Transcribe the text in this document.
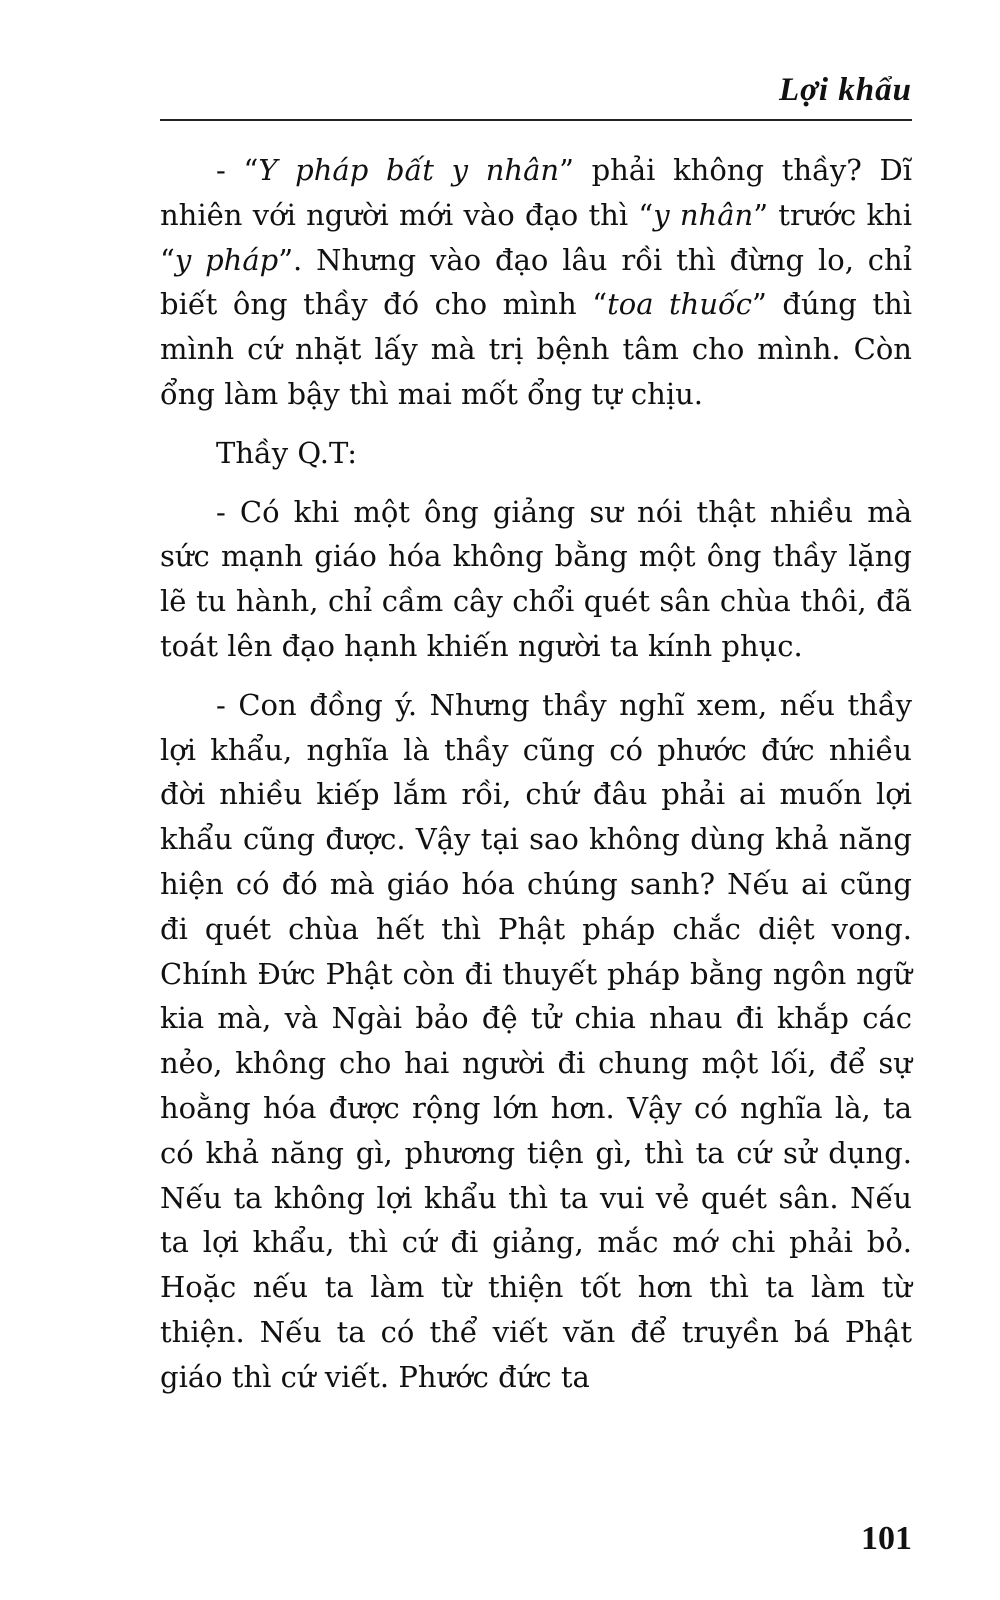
Lợi khẩu

- “Y pháp bất y nhân” phải không thầy? Dĩ nhiên với người mới vào đạo thì “y nhân” trước khi “y pháp”. Nhưng vào đạo lâu rồi thì đừng lo, chỉ biết ông thầy đó cho mình “toa thuốc” đúng thì mình cứ nhặt lấy mà trị bệnh tâm cho mình. Còn ổng làm bậy thì mai mốt ổng tự chịu.

Thầy Q.T:

- Có khi một ông giảng sư nói thật nhiều mà sức mạnh giáo hóa không bằng một ông thầy lặng lẽ tu hành, chỉ cầm cây chổi quét sân chùa thôi, đã toát lên đạo hạnh khiến người ta kính phục.

- Con đồng ý. Nhưng thầy nghĩ xem, nếu thầy lợi khẩu, nghĩa là thầy cũng có phước đức nhiều đời nhiều kiếp lắm rồi, chứ đâu phải ai muốn lợi khẩu cũng được. Vậy tại sao không dùng khả năng hiện có đó mà giáo hóa chúng sanh? Nếu ai cũng đi quét chùa hết thì Phật pháp chắc diệt vong. Chính Đức Phật còn đi thuyết pháp bằng ngôn ngữ kia mà, và Ngài bảo đệ tử chia nhau đi khắp các nẻo, không cho hai người đi chung một lối, để sự hoằng hóa được rộng lớn hơn. Vậy có nghĩa là, ta có khả năng gì, phương tiện gì, thì ta cứ sử dụng. Nếu ta không lợi khẩu thì ta vui vẻ quét sân. Nếu ta lợi khẩu, thì cứ đi giảng, mắc mớ chi phải bỏ. Hoặc nếu ta làm từ thiện tốt hơn thì ta làm từ thiện. Nếu ta có thể viết văn để truyền bá Phật giáo thì cứ viết. Phước đức ta

101
